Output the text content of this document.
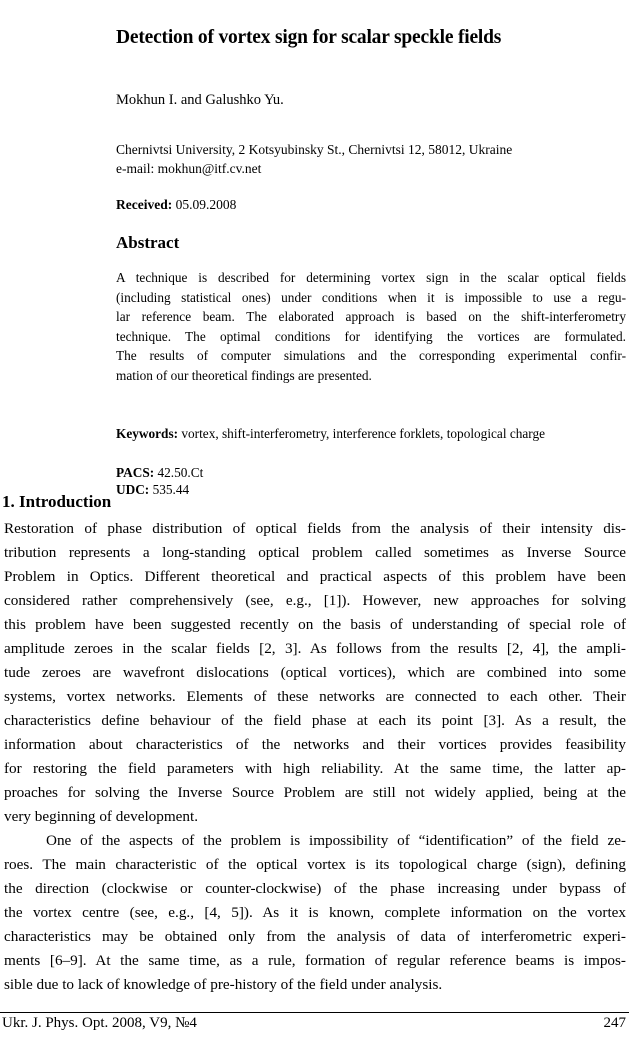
Detection of vortex sign for scalar speckle fields
Mokhun I. and Galushko Yu.
Chernivtsi University, 2 Kotsyubinsky St., Chernivtsi 12, 58012, Ukraine
e-mail: mokhun@itf.cv.net
Received: 05.09.2008
Abstract
A technique is described for determining vortex sign in the scalar optical fields
(including statistical ones) under conditions when it is impossible to use a regu-
lar reference beam. The elaborated approach is based on the shift-interferometry
technique. The optimal conditions for identifying the vortices are formulated.
The results of computer simulations and the corresponding experimental confir-
mation of our theoretical findings are presented.
Keywords: vortex, shift-interferometry, interference forklets, topological charge
PACS: 42.50.Ct
UDC: 535.44
1. Introduction
Restoration of phase distribution of optical fields from the analysis of their intensity dis-
tribution represents a long-standing optical problem called sometimes as Inverse Source
Problem in Optics. Different theoretical and practical aspects of this problem have been
considered rather comprehensively (see, e.g., [1]). However, new approaches for solving
this problem have been suggested recently on the basis of understanding of special role of
amplitude zeroes in the scalar fields [2, 3]. As follows from the results [2, 4], the ampli-
tude zeroes are wavefront dislocations (optical vortices), which are combined into some
systems, vortex networks. Elements of these networks are connected to each other. Their
characteristics define behaviour of the field phase at each its point [3]. As a result, the
information about characteristics of the networks and their vortices provides feasibility
for restoring the field parameters with high reliability. At the same time, the latter ap-
proaches for solving the Inverse Source Problem are still not widely applied, being at the
very beginning of development.
One of the aspects of the problem is impossibility of “identification” of the field ze-
roes. The main characteristic of the optical vortex is its topological charge (sign), defining
the direction (clockwise or counter-clockwise) of the phase increasing under bypass of
the vortex centre (see, e.g., [4, 5]). As it is known, complete information on the vortex
characteristics may be obtained only from the analysis of data of interferometric experi-
ments [6–9]. At the same time, as a rule, formation of regular reference beams is impos-
sible due to lack of knowledge of pre-history of the field under analysis.
Ukr. J. Phys. Opt. 2008, V9, №4	247
